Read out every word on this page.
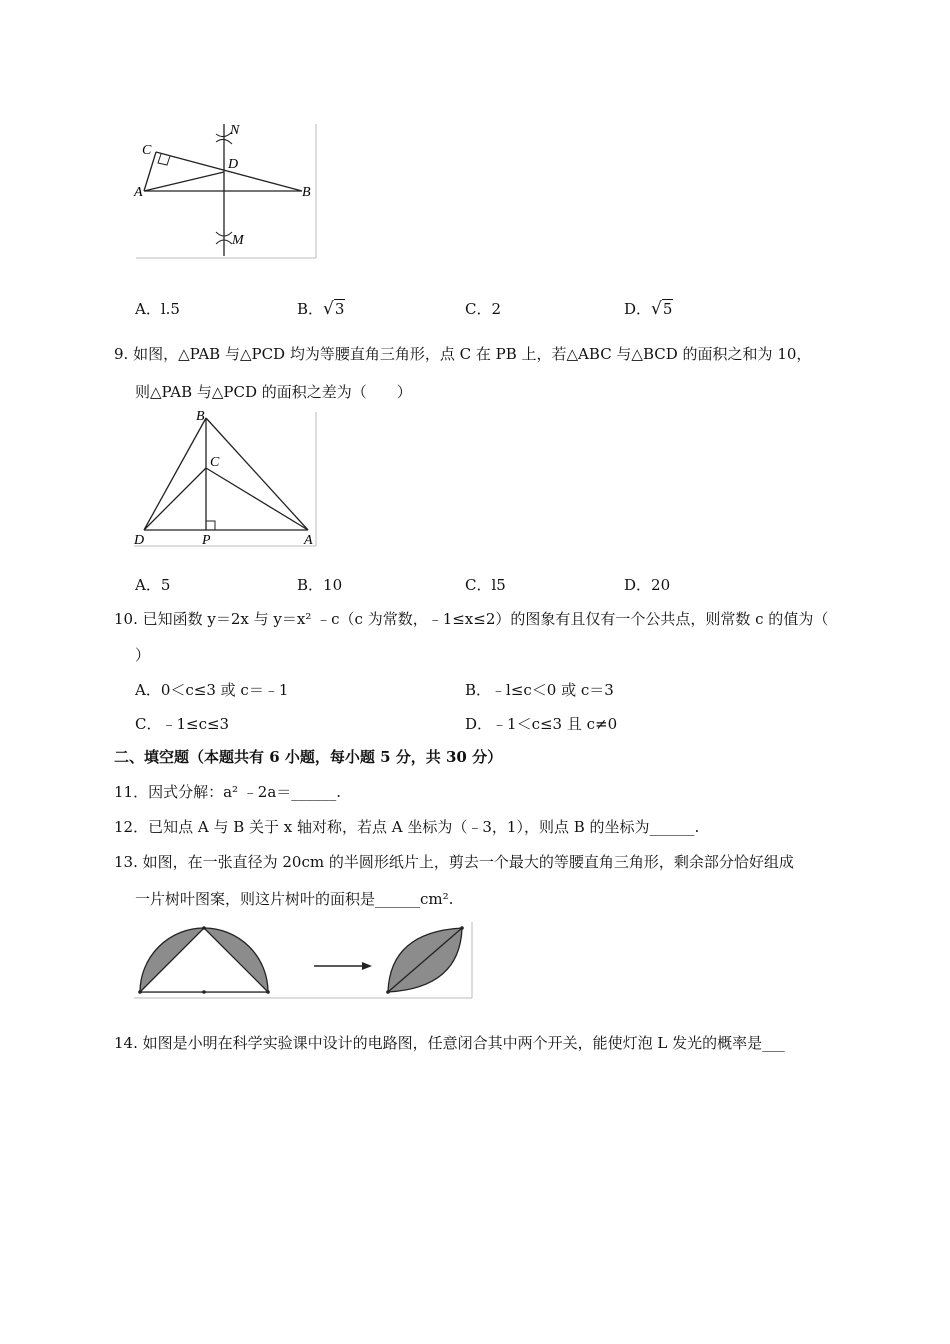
N
C
D
A	B
M
A．l.5	B．√3	C．2	D．√5
9. 如图，△PAB 与△PCD 均为等腰直角三角形，点 C 在 PB 上，若△ABC 与△BCD 的面积之和为 10，
则△PAB 与△PCD 的面积之差为（　　）
B
C
D	P	A
A．5	B．10	C．l5	D．20
10. 已知函数 y＝2x 与 y＝x² ﹣c（c 为常数，﹣1≤x≤2）的图象有且仅有一个公共点，则常数 c 的值为（
）
A．0＜c≤3 或 c＝﹣1	B．﹣l≤c＜0 或 c＝3
C．﹣1≤c≤3	D．﹣1＜c≤3 且 c≠0
二、填空题（本题共有 6 小题，每小题 5 分，共 30 分）
11．因式分解：a² ﹣2a＝______.
12．已知点 A 与 B 关于 x 轴对称，若点 A 坐标为（﹣3，1），则点 B 的坐标为______.
13. 如图，在一张直径为 20cm 的半圆形纸片上，剪去一个最大的等腰直角三角形，剩余部分恰好组成
一片树叶图案，则这片树叶的面积是______cm².
14. 如图是小明在科学实验课中设计的电路图，任意闭合其中两个开关，能使灯泡 L 发光的概率是___
